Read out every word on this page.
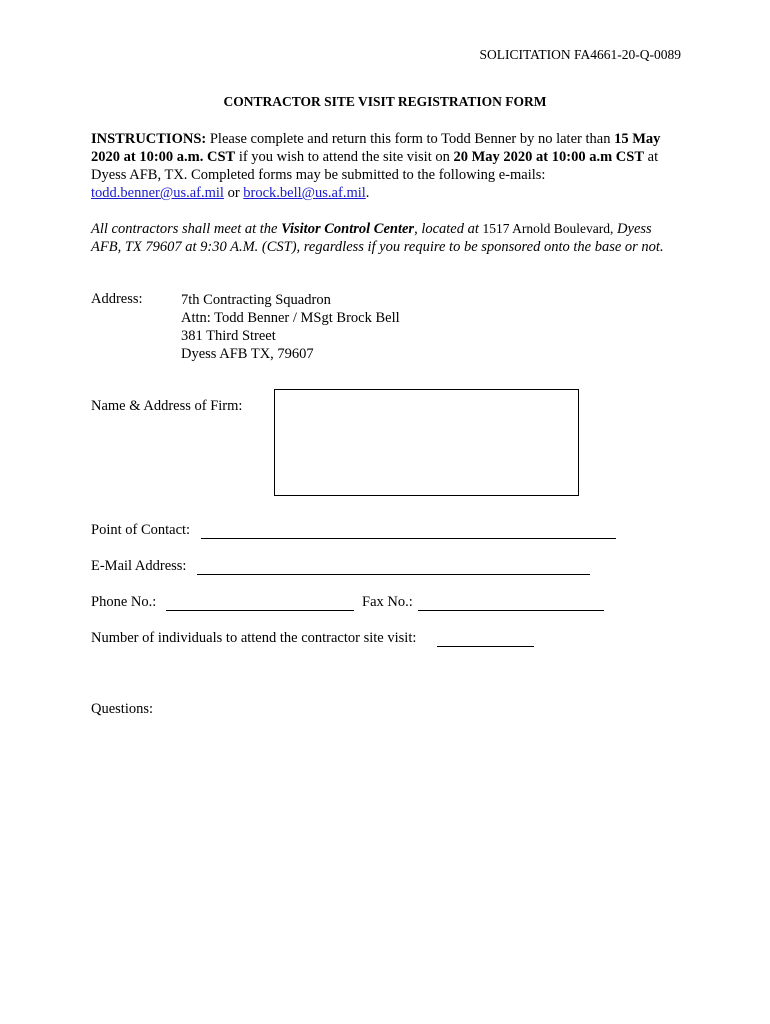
SOLICITATION FA4661-20-Q-0089
CONTRACTOR SITE VISIT REGISTRATION FORM
INSTRUCTIONS: Please complete and return this form to Todd Benner by no later than 15 May 2020 at 10:00 a.m. CST if you wish to attend the site visit on 20 May 2020 at 10:00 a.m CST at Dyess AFB, TX. Completed forms may be submitted to the following e-mails: todd.benner@us.af.mil or brock.bell@us.af.mil.
All contractors shall meet at the Visitor Control Center, located at 1517 Arnold Boulevard, Dyess AFB, TX 79607 at 9:30 A.M. (CST), regardless if you require to be sponsored onto the base or not.
Address:	7th Contracting Squadron
Attn: Todd Benner / MSgt Brock Bell
381 Third Street
Dyess AFB TX, 79607
Name & Address of Firm:
Point of Contact:
E-Mail Address:
Phone No.:	Fax No.:
Number of individuals to attend the contractor site visit:
Questions:
